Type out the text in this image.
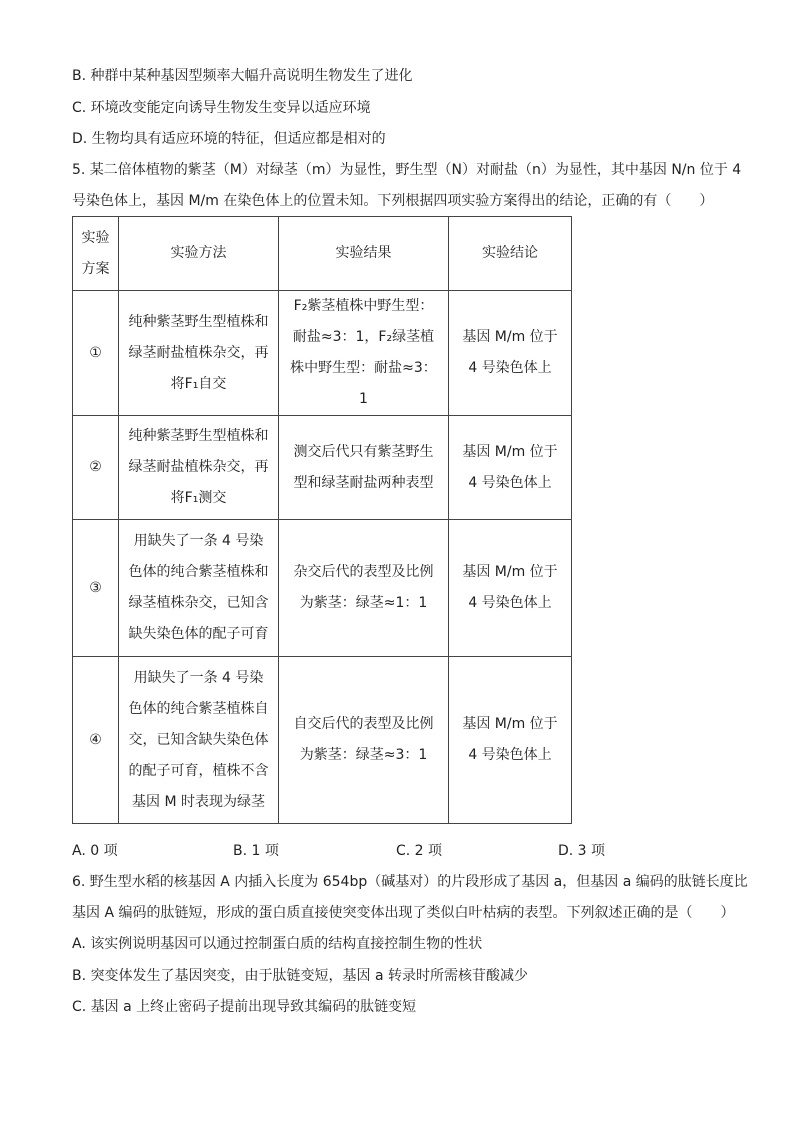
B. 种群中某种基因型频率大幅升高说明生物发生了进化
C. 环境改变能定向诱导生物发生变异以适应环境
D. 生物均具有适应环境的特征，但适应都是相对的
5. 某二倍体植物的紫茎（M）对绿茎（m）为显性，野生型（N）对耐盐（n）为显性，其中基因 N/n 位于 4
号染色体上，基因 M/m 在染色体上的位置未知。下列根据四项实验方案得出的结论，正确的有（　　）
实验方案	实验方法	实验结果	实验结论

①	纯种紫茎野生型植株和绿茎耐盐植株杂交，再将F₁自交	F₂紫茎植株中野生型：耐盐≈3：1，F₂绿茎植株中野生型：耐盐≈3：1	基因 M/m 位于 4 号染色体上

②	纯种紫茎野生型植株和绿茎耐盐植株杂交，再将F₁测交	测交后代只有紫茎野生型和绿茎耐盐两种表型	基因 M/m 位于 4 号染色体上

③	用缺失了一条 4 号染色体的纯合紫茎植株和绿茎植株杂交，已知含缺失染色体的配子可育	杂交后代的表型及比例为紫茎：绿茎≈1：1	基因 M/m 位于 4 号染色体上

④	用缺失了一条 4 号染色体的纯合紫茎植株自交，已知含缺失染色体的配子可育，植株不含基因 M 时表现为绿茎	自交后代的表型及比例为紫茎：绿茎≈3：1	基因 M/m 位于 4 号染色体上
A. 0 项	B. 1 项	C. 2 项	D. 3 项
6. 野生型水稻的核基因 A 内插入长度为 654bp（碱基对）的片段形成了基因 a，但基因 a 编码的肽链长度比
基因 A 编码的肽链短，形成的蛋白质直接使突变体出现了类似白叶枯病的表型。下列叙述正确的是（　　）
A. 该实例说明基因可以通过控制蛋白质的结构直接控制生物的性状
B. 突变体发生了基因突变，由于肽链变短，基因 a 转录时所需核苷酸减少
C. 基因 a 上终止密码子提前出现导致其编码的肽链变短
